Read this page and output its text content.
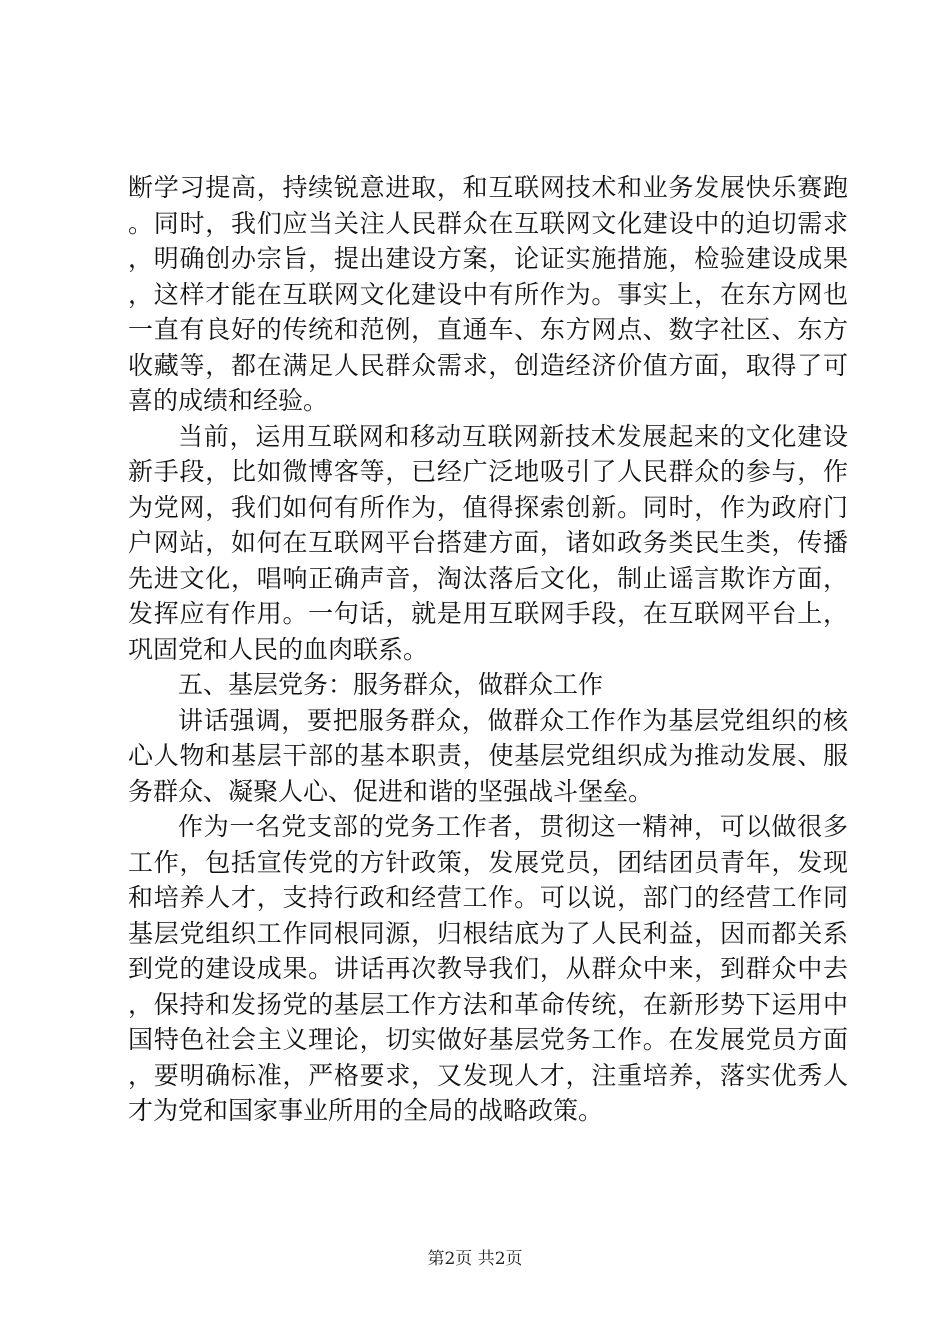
断学习提高，持续锐意进取，和互联网技术和业务发展快乐赛跑。同时，我们应当关注人民群众在互联网文化建设中的迫切需求，明确创办宗旨，提出建设方案，论证实施措施，检验建设成果，这样才能在互联网文化建设中有所作为。事实上，在东方网也一直有良好的传统和范例，直通车、东方网点、数字社区、东方收藏等，都在满足人民群众需求，创造经济价值方面，取得了可喜的成绩和经验。

当前，运用互联网和移动互联网新技术发展起来的文化建设新手段，比如微博客等，已经广泛地吸引了人民群众的参与，作为党网，我们如何有所作为，值得探索创新。同时，作为政府门户网站，如何在互联网平台搭建方面，诸如政务类民生类，传播先进文化，唱响正确声音，淘汰落后文化，制止谣言欺诈方面，发挥应有作用。一句话，就是用互联网手段，在互联网平台上，巩固党和人民的血肉联系。

五、基层党务：服务群众，做群众工作

讲话强调，要把服务群众，做群众工作作为基层党组织的核心人物和基层干部的基本职责，使基层党组织成为推动发展、服务群众、凝聚人心、促进和谐的坚强战斗堡垒。

作为一名党支部的党务工作者，贯彻这一精神，可以做很多工作，包括宣传党的方针政策，发展党员，团结团员青年，发现和培养人才，支持行政和经营工作。可以说，部门的经营工作同基层党组织工作同根同源，归根结底为了人民利益，因而都关系到党的建设成果。讲话再次教导我们，从群众中来，到群众中去，保持和发扬党的基层工作方法和革命传统，在新形势下运用中国特色社会主义理论，切实做好基层党务工作。在发展党员方面，要明确标准，严格要求，又发现人才，注重培养，落实优秀人才为党和国家事业所用的全局的战略政策。

第2页 共2页
